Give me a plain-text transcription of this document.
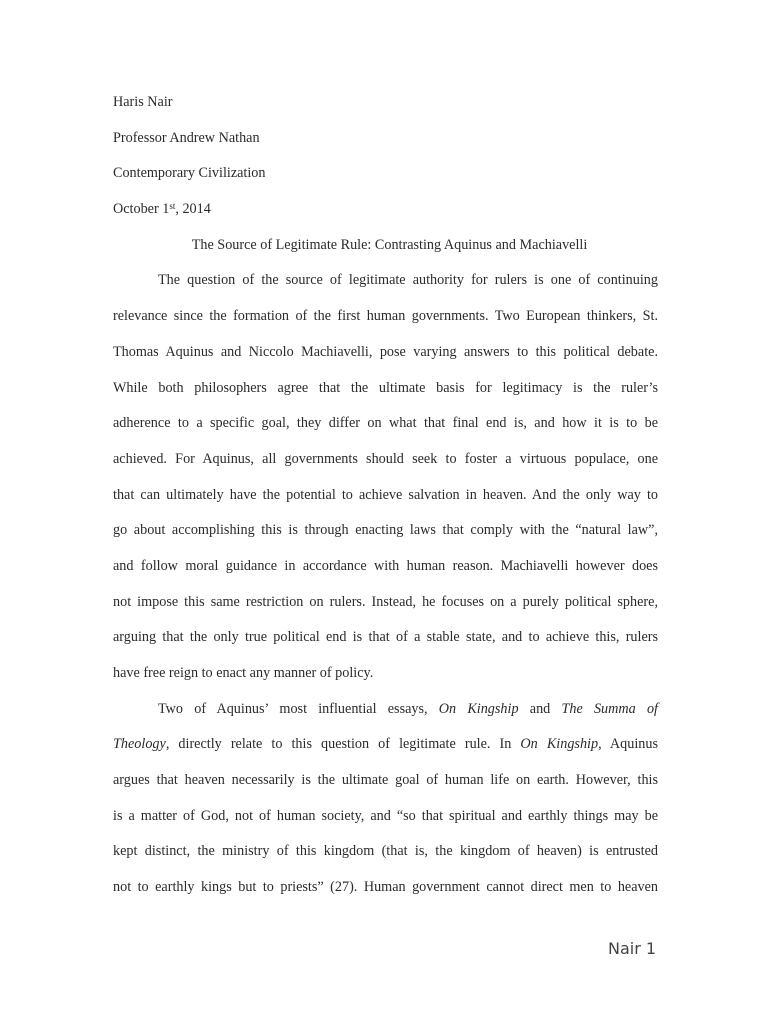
Haris Nair
Professor Andrew Nathan
Contemporary Civilization
October 1st, 2014
The Source of Legitimate Rule: Contrasting Aquinus and Machiavelli
The question of the source of legitimate authority for rulers is one of continuing
relevance since the formation of the first human governments. Two European thinkers, St.
Thomas Aquinus and Niccolo Machiavelli, pose varying answers to this political debate.
While both philosophers agree that the ultimate basis for legitimacy is the ruler’s
adherence to a specific goal, they differ on what that final end is, and how it is to be
achieved. For Aquinus, all governments should seek to foster a virtuous populace, one
that can ultimately have the potential to achieve salvation in heaven. And the only way to
go about accomplishing this is through enacting laws that comply with the “natural law”,
and follow moral guidance in accordance with human reason. Machiavelli however does
not impose this same restriction on rulers. Instead, he focuses on a purely political sphere,
arguing that the only true political end is that of a stable state, and to achieve this, rulers
have free reign to enact any manner of policy.
Two of Aquinus’ most influential essays, On Kingship and The Summa of
Theology, directly relate to this question of legitimate rule. In On Kingship, Aquinus
argues that heaven necessarily is the ultimate goal of human life on earth. However, this
is a matter of God, not of human society, and “so that spiritual and earthly things may be
kept distinct, the ministry of this kingdom (that is, the kingdom of heaven) is entrusted
not to earthly kings but to priests” (27). Human government cannot direct men to heaven
Nair 1
